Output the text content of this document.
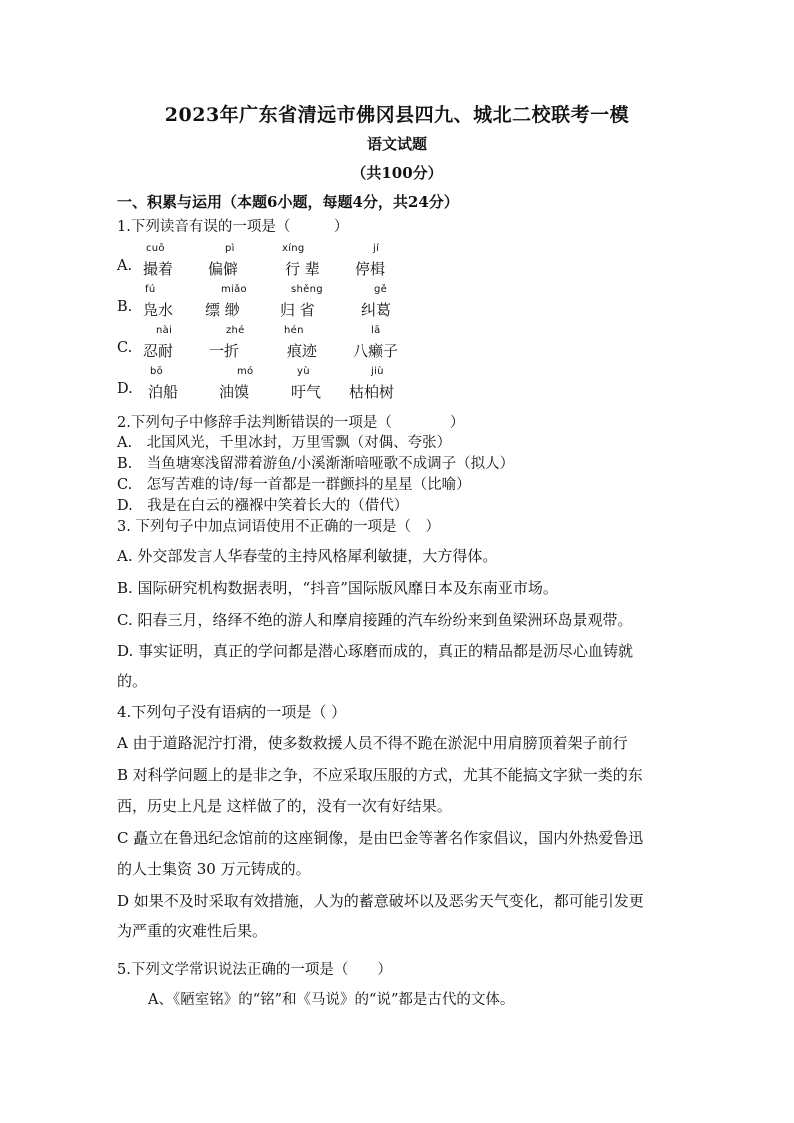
2023年广东省清远市佛冈县四九、城北二校联考一模
语文试题
（共100分）
一、积累与运用（本题6小题，每题4分，共24分）
1.下列读音有误的一项是（　　　）
A.
cuō
撮着
pì
偏僻
xíng
行 辈
jí
停楫
B.
fú
凫水
miǎo
缥 缈
shěng
归 省
gě
纠葛
C.
nài
忍耐
zhé
一折
hén
痕迹
lā
八癞子
D.
bō
泊船
mó
油馍
yù
吁气
jiù
枯柏树
2.下列句子中修辞手法判断错误的一项是（　　　　）
A.　北国风光，千里冰封，万里雪飘（对偶、夸张）
B.　当鱼塘寒浅留滞着游鱼/小溪渐渐喑哑歌不成调子（拟人）
C.　怎写苦难的诗/每一首都是一群颤抖的星星（比喻）
D.　我是在白云的襁褓中笑着长大的（借代）
3. 下列句子中加点词语使用不正确的一项是（　）
A. 外交部发言人华春莹的主持风格犀利敏捷，大方得体。
B. 国际研究机构数据表明，“抖音”国际版风靡日本及东南亚市场。
C. 阳春三月，络绎不绝的游人和摩肩接踵的汽车纷纷来到鱼梁洲环岛景观带。
D. 事实证明，真正的学问都是潜心琢磨而成的，真正的精品都是沥尽心血铸就
的。
4.下列句子没有语病的一项是（ ）
A 由于道路泥泞打滑，使多数救援人员不得不跪在淤泥中用肩膀顶着架子前行
B 对科学问题上的是非之争，不应采取压服的方式，尤其不能搞文字狱一类的东
西，历史上凡是 这样做了的，没有一次有好结果。
C 矗立在鲁迅纪念馆前的这座铜像，是由巴金等著名作家倡议，国内外热爱鲁迅
的人士集资 30 万元铸成的。
D 如果不及时采取有效措施，人为的蓄意破坏以及恶劣天气变化，都可能引发更
为严重的灾难性后果。
5.下列文学常识说法正确的一项是（　　）
A、《陋室铭》的“铭”和《马说》的“说”都是古代的文体。
